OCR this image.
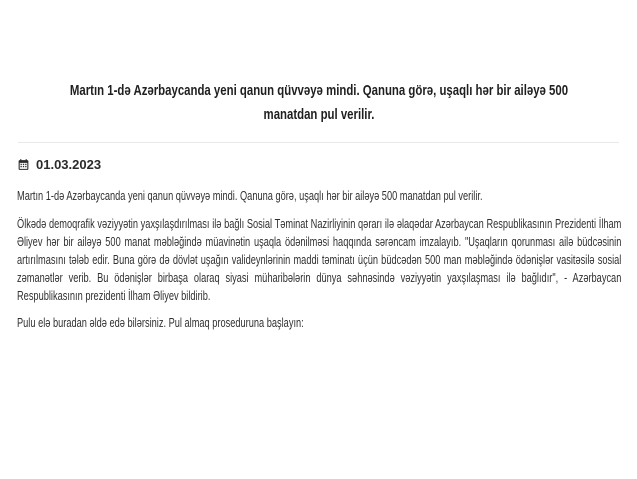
Martın 1-də Azərbaycanda yeni qanun qüvvəyə mindi. Qanuna görə, uşaqlı hər bir ailəyə 500 manatdan pul verilir.
01.03.2023

Martın 1-də Azərbaycanda yeni qanun qüvvəyə mindi. Qanuna görə, uşaqlı hər bir ailəyə 500 manatdan pul verilir.

Ölkədə demoqrafik vəziyyətin yaxşılaşdırılması ilə bağlı Sosial Təminat Nazirliyinin qərarı ilə əlaqədar Azərbaycan Respublikasının Prezidenti İlham Əliyev hər bir ailəyə 500 manat məbləğində müavinətin uşaqla ödənilməsi haqqında sərəncam imzalayıb. "Uşaqların qorunması ailə büdcəsinin artırılmasını tələb edir. Buna görə də dövlət uşağın valideynlərinin maddi təminatı üçün büdcədən 500 man məbləğində ödənişlər vasitəsilə sosial zəmanətlər verib. Bu ödənişlər birbaşa olaraq siyasi müharibələrin dünya səhnəsində vəziyyətin yaxşılaşması ilə bağlıdır", - Azərbaycan Respublikasının prezidenti İlham Əliyev bildirib.

Pulu elə buradan əldə edə bilərsiniz. Pul almaq proseduruna başlayın:
